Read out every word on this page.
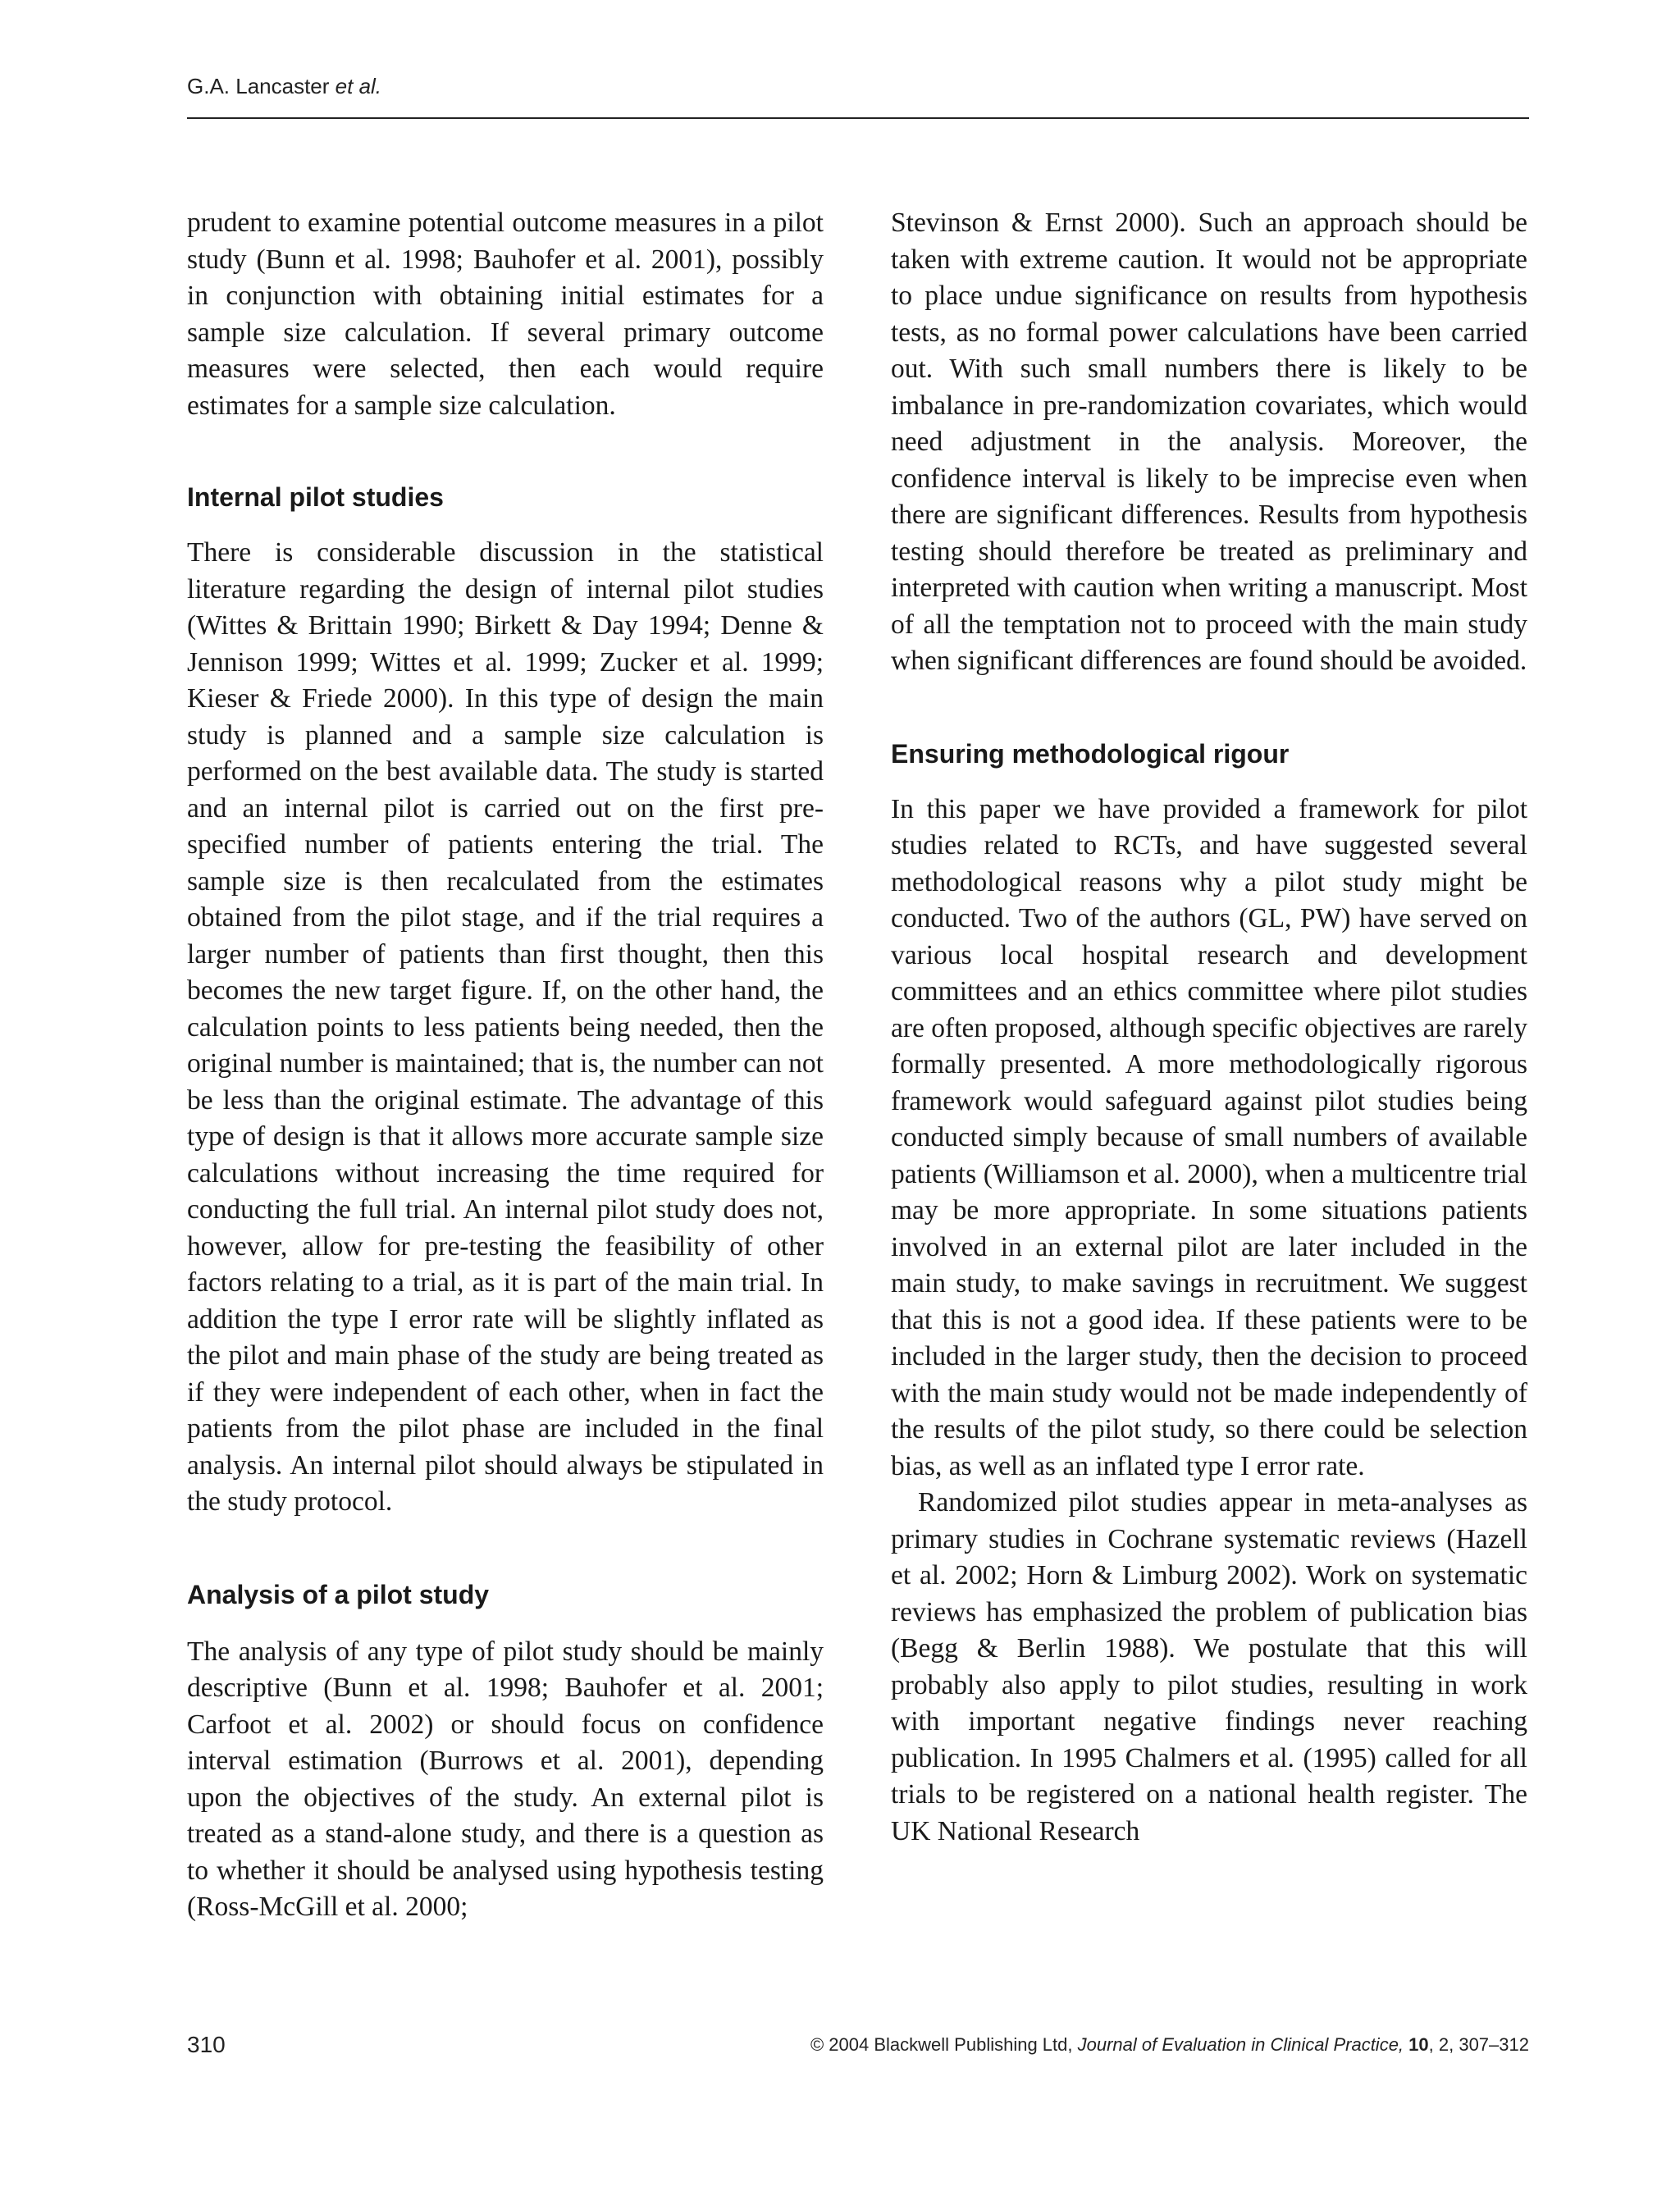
G.A. Lancaster et al.

prudent to examine potential outcome measures in a pilot study (Bunn et al. 1998; Bauhofer et al. 2001), possibly in conjunction with obtaining initial estimates for a sample size calculation. If several primary outcome measures were selected, then each would require estimates for a sample size calculation.

Internal pilot studies

There is considerable discussion in the statistical literature regarding the design of internal pilot studies (Wittes & Brittain 1990; Birkett & Day 1994; Denne & Jennison 1999; Wittes et al. 1999; Zucker et al. 1999; Kieser & Friede 2000). In this type of design the main study is planned and a sample size calculation is performed on the best available data. The study is started and an internal pilot is carried out on the first pre-specified number of patients entering the trial. The sample size is then recalculated from the estimates obtained from the pilot stage, and if the trial requires a larger number of patients than first thought, then this becomes the new target figure. If, on the other hand, the calculation points to less patients being needed, then the original number is maintained; that is, the number can not be less than the original estimate. The advantage of this type of design is that it allows more accurate sample size calculations without increasing the time required for conducting the full trial. An internal pilot study does not, however, allow for pre-testing the feasibility of other factors relating to a trial, as it is part of the main trial. In addition the type I error rate will be slightly inflated as the pilot and main phase of the study are being treated as if they were independent of each other, when in fact the patients from the pilot phase are included in the final analysis. An internal pilot should always be stipulated in the study protocol.

Analysis of a pilot study

The analysis of any type of pilot study should be mainly descriptive (Bunn et al. 1998; Bauhofer et al. 2001; Carfoot et al. 2002) or should focus on confidence interval estimation (Burrows et al. 2001), depending upon the objectives of the study. An external pilot is treated as a stand-alone study, and there is a question as to whether it should be analysed using hypothesis testing (Ross-McGill et al. 2000;

Stevinson & Ernst 2000). Such an approach should be taken with extreme caution. It would not be appropriate to place undue significance on results from hypothesis tests, as no formal power calculations have been carried out. With such small numbers there is likely to be imbalance in pre-randomization covariates, which would need adjustment in the analysis. Moreover, the confidence interval is likely to be imprecise even when there are significant differences. Results from hypothesis testing should therefore be treated as preliminary and interpreted with caution when writing a manuscript. Most of all the temptation not to proceed with the main study when significant differences are found should be avoided.

Ensuring methodological rigour

In this paper we have provided a framework for pilot studies related to RCTs, and have suggested several methodological reasons why a pilot study might be conducted. Two of the authors (GL, PW) have served on various local hospital research and development committees and an ethics committee where pilot studies are often proposed, although specific objectives are rarely formally presented. A more methodologically rigorous framework would safeguard against pilot studies being conducted simply because of small numbers of available patients (Williamson et al. 2000), when a multicentre trial may be more appropriate. In some situations patients involved in an external pilot are later included in the main study, to make savings in recruitment. We suggest that this is not a good idea. If these patients were to be included in the larger study, then the decision to proceed with the main study would not be made independently of the results of the pilot study, so there could be selection bias, as well as an inflated type I error rate.

Randomized pilot studies appear in meta-analyses as primary studies in Cochrane systematic reviews (Hazell et al. 2002; Horn & Limburg 2002). Work on systematic reviews has emphasized the problem of publication bias (Begg & Berlin 1988). We postulate that this will probably also apply to pilot studies, resulting in work with important negative findings never reaching publication. In 1995 Chalmers et al. (1995) called for all trials to be registered on a national health register. The UK National Research

310	© 2004 Blackwell Publishing Ltd, Journal of Evaluation in Clinical Practice, 10, 2, 307–312
